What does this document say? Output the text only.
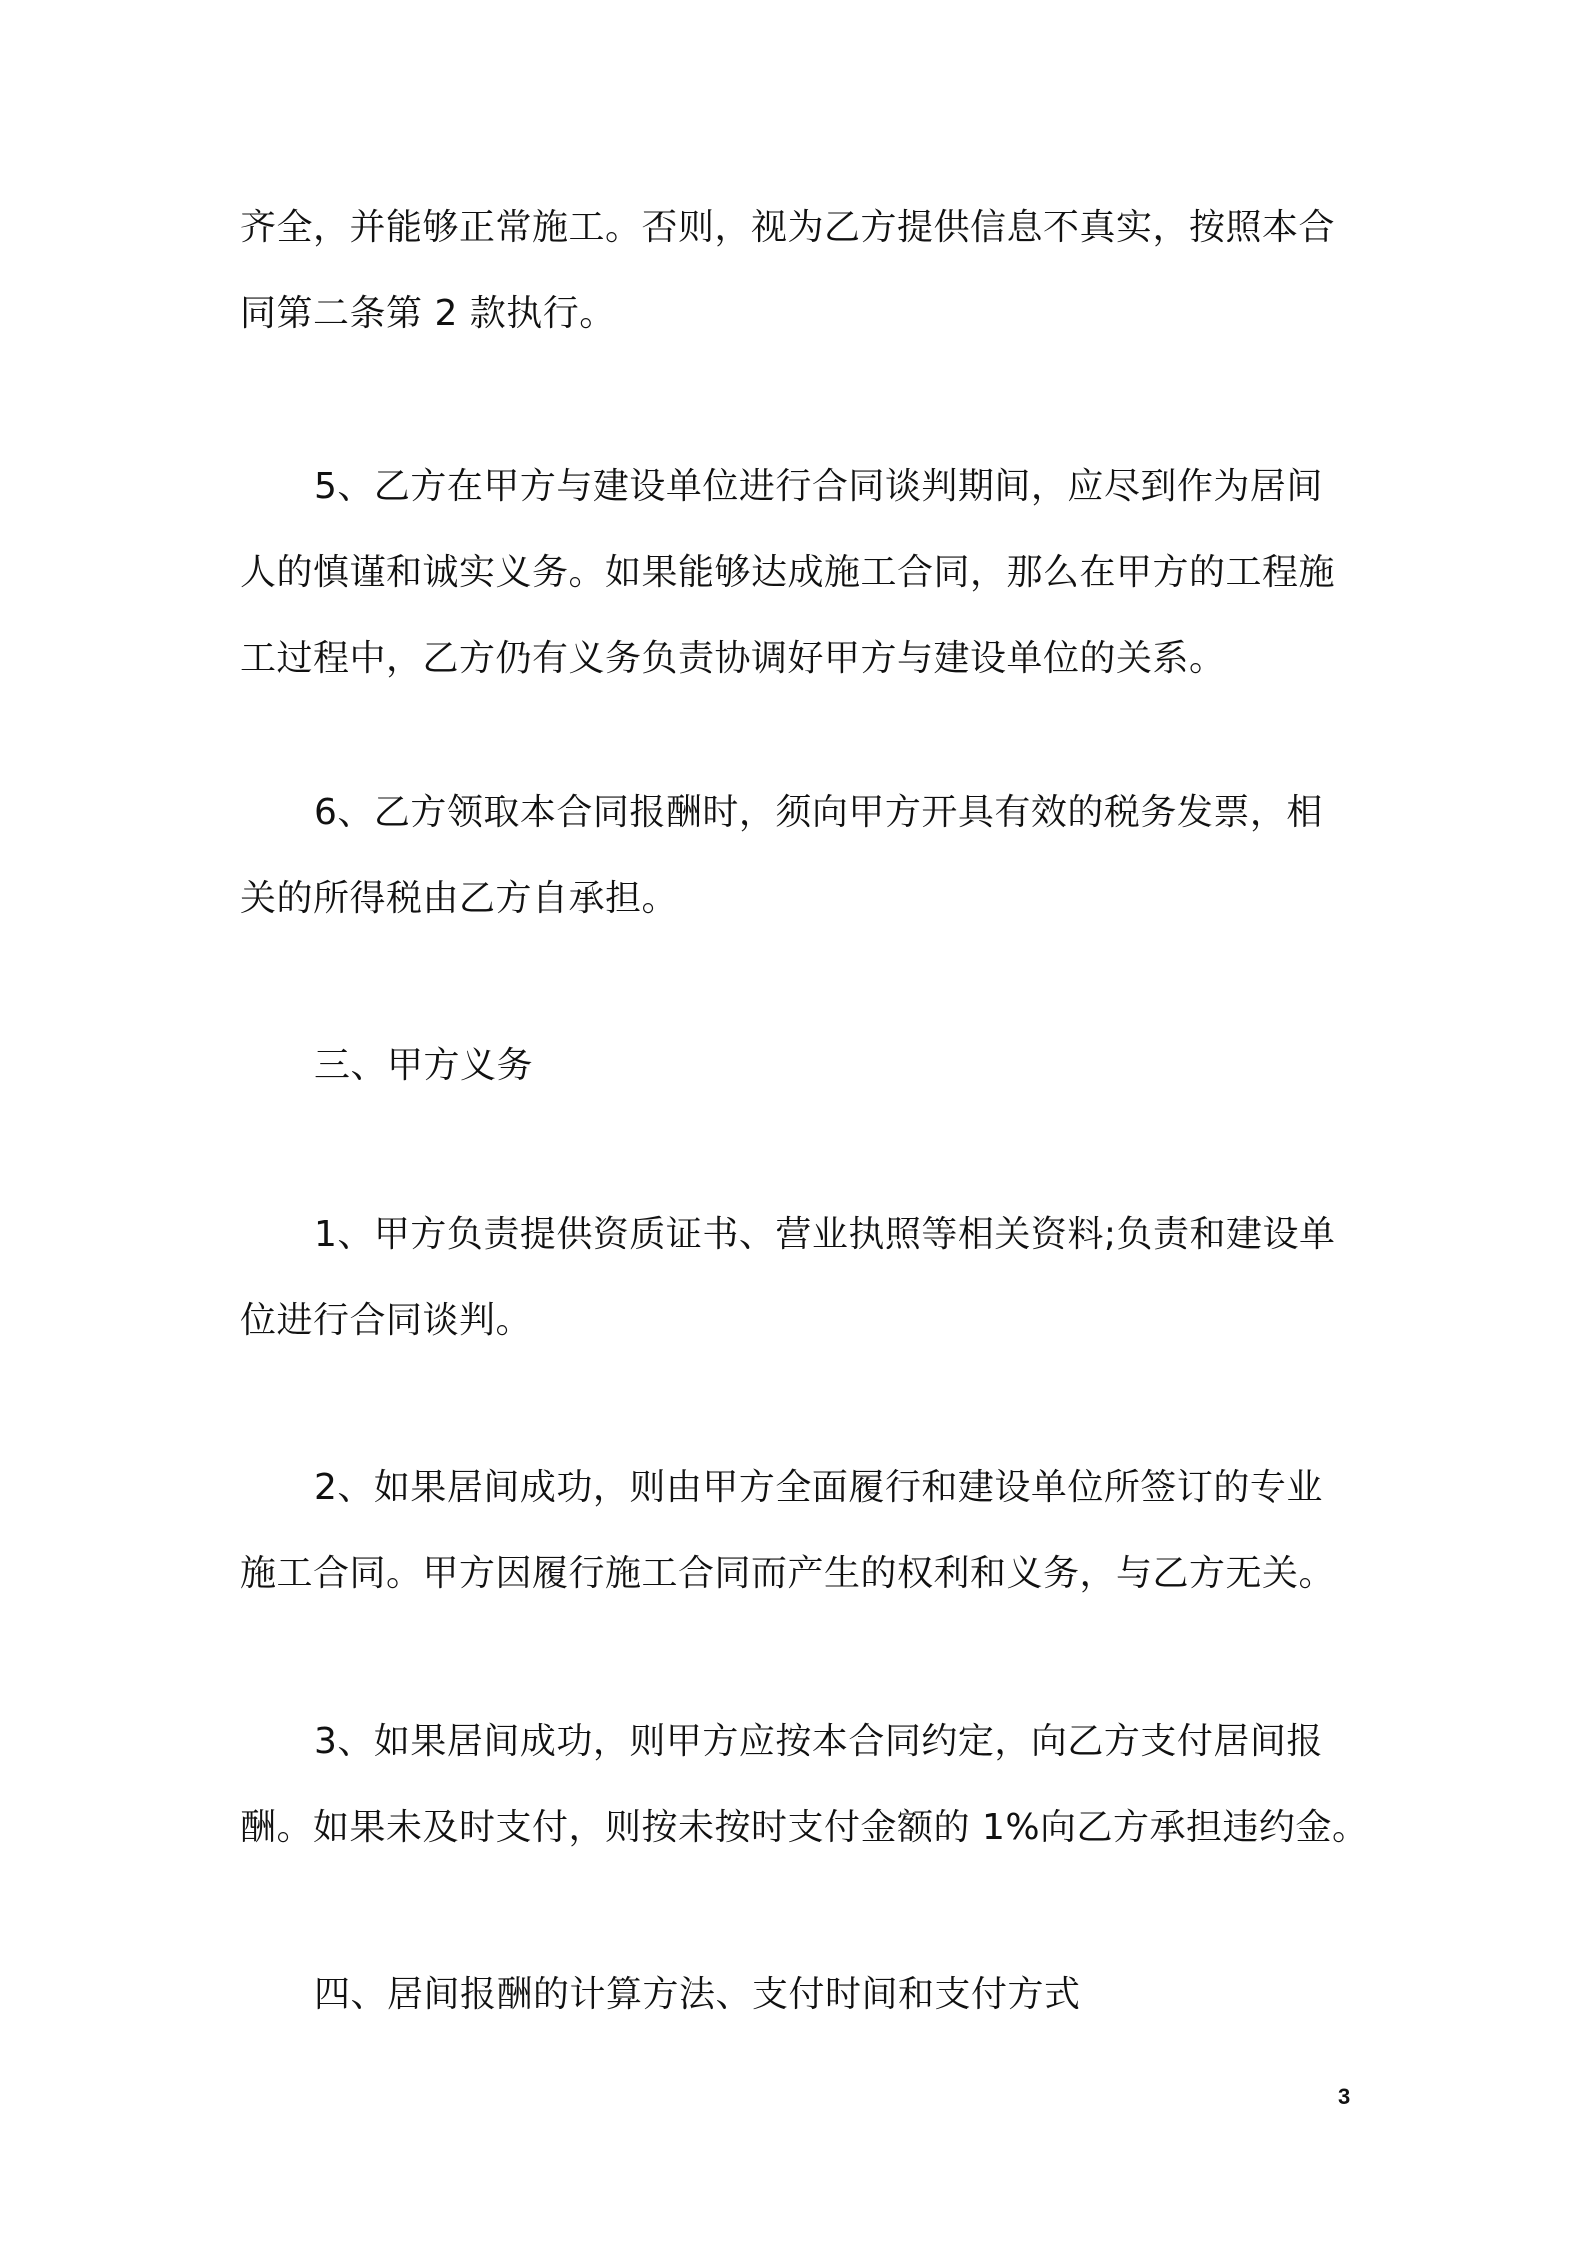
齐全，并能够正常施工。否则，视为乙方提供信息不真实，按照本合
同第二条第 2 款执行。

5、乙方在甲方与建设单位进行合同谈判期间，应尽到作为居间
人的慎谨和诚实义务。如果能够达成施工合同，那么在甲方的工程施
工过程中，乙方仍有义务负责协调好甲方与建设单位的关系。

6、乙方领取本合同报酬时，须向甲方开具有效的税务发票，相
关的所得税由乙方自承担。

三、甲方义务

1、甲方负责提供资质证书、营业执照等相关资料;负责和建设单
位进行合同谈判。

2、如果居间成功，则由甲方全面履行和建设单位所签订的专业
施工合同。甲方因履行施工合同而产生的权利和义务，与乙方无关。

3、如果居间成功，则甲方应按本合同约定，向乙方支付居间报
酬。如果未及时支付，则按未按时支付金额的 1%向乙方承担违约金。

四、居间报酬的计算方法、支付时间和支付方式

3
